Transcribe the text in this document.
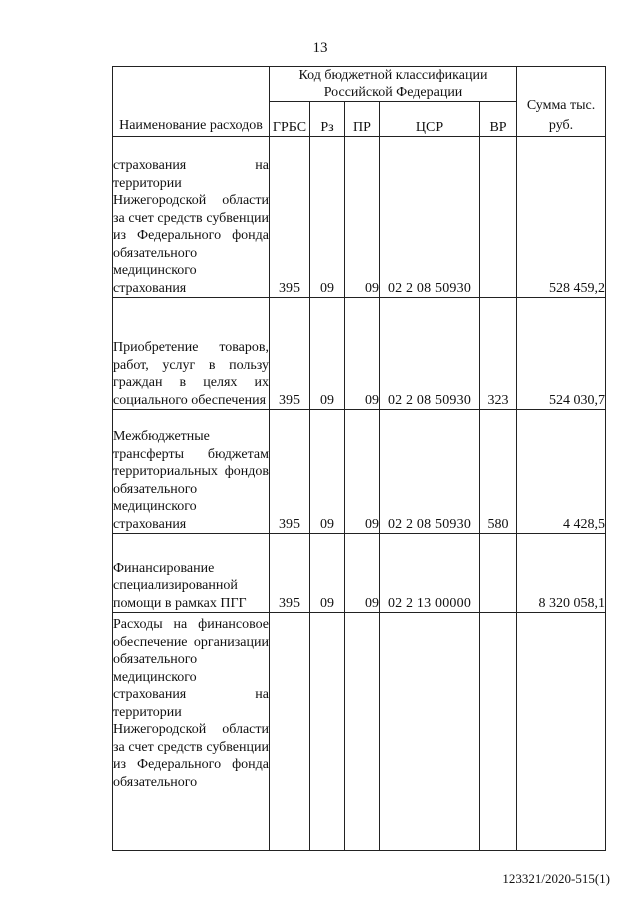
13
Наименование расходов	Код бюджетной классификации Российской Федерации					Сумма тыс. руб.
	ГРБС	Рз	ПР	ЦСР	ВР	
страхования на территории Нижегородской области за счет средств субвенции из Федерального фонда обязательного медицинского страхования	395	09	09	02 2 08 50930		528 459,2
Приобретение товаров, работ, услуг в пользу граждан в целях их социального обеспечения	395	09	09	02 2 08 50930	323	524 030,7
Межбюджетные трансферты бюджетам территориальных фондов обязательного медицинского страхования	395	09	09	02 2 08 50930	580	4 428,5
Финансирование специализированной помощи в рамках ПГГ	395	09	09	02 2 13 00000		8 320 058,1
Расходы на финансовое обеспечение организации обязательного медицинского страхования на территории Нижегородской области за счет средств субвенции из Федерального фонда обязательного						
123321/2020-515(1)
